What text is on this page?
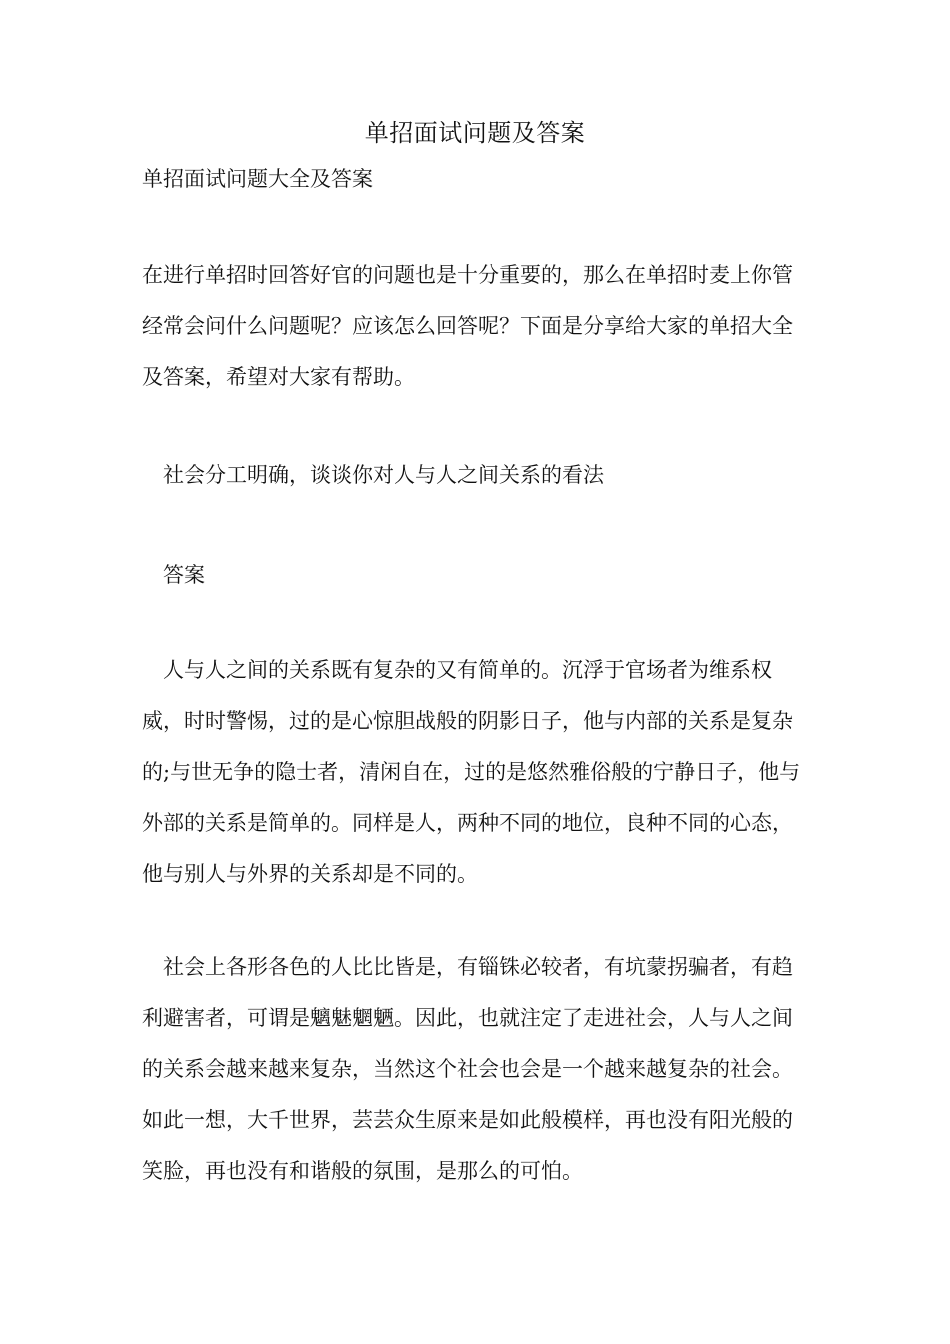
单招面试问题及答案
单招面试问题大全及答案

在进行单招时回答好官的问题也是十分重要的，那么在单招时麦上你管经常会问什么问题呢？应该怎么回答呢？下面是分享给大家的单招大全及答案，希望对大家有帮助。

社会分工明确，谈谈你对人与人之间关系的看法

答案

人与人之间的关系既有复杂的又有简单的。沉浮于官场者为维系权威，时时警惕，过的是心惊胆战般的阴影日子，他与内部的关系是复杂的;与世无争的隐士者，清闲自在，过的是悠然雅俗般的宁静日子，他与外部的关系是简单的。同样是人，两种不同的地位，良种不同的心态，他与别人与外界的关系却是不同的。

社会上各形各色的人比比皆是，有锱铢必较者，有坑蒙拐骗者，有趋利避害者，可谓是魑魅魍魉。因此，也就注定了走进社会，人与人之间的关系会越来越来复杂，当然这个社会也会是一个越来越复杂的社会。如此一想，大千世界，芸芸众生原来是如此般模样，再也没有阳光般的笑脸，再也没有和谐般的氛围，是那么的可怕。
